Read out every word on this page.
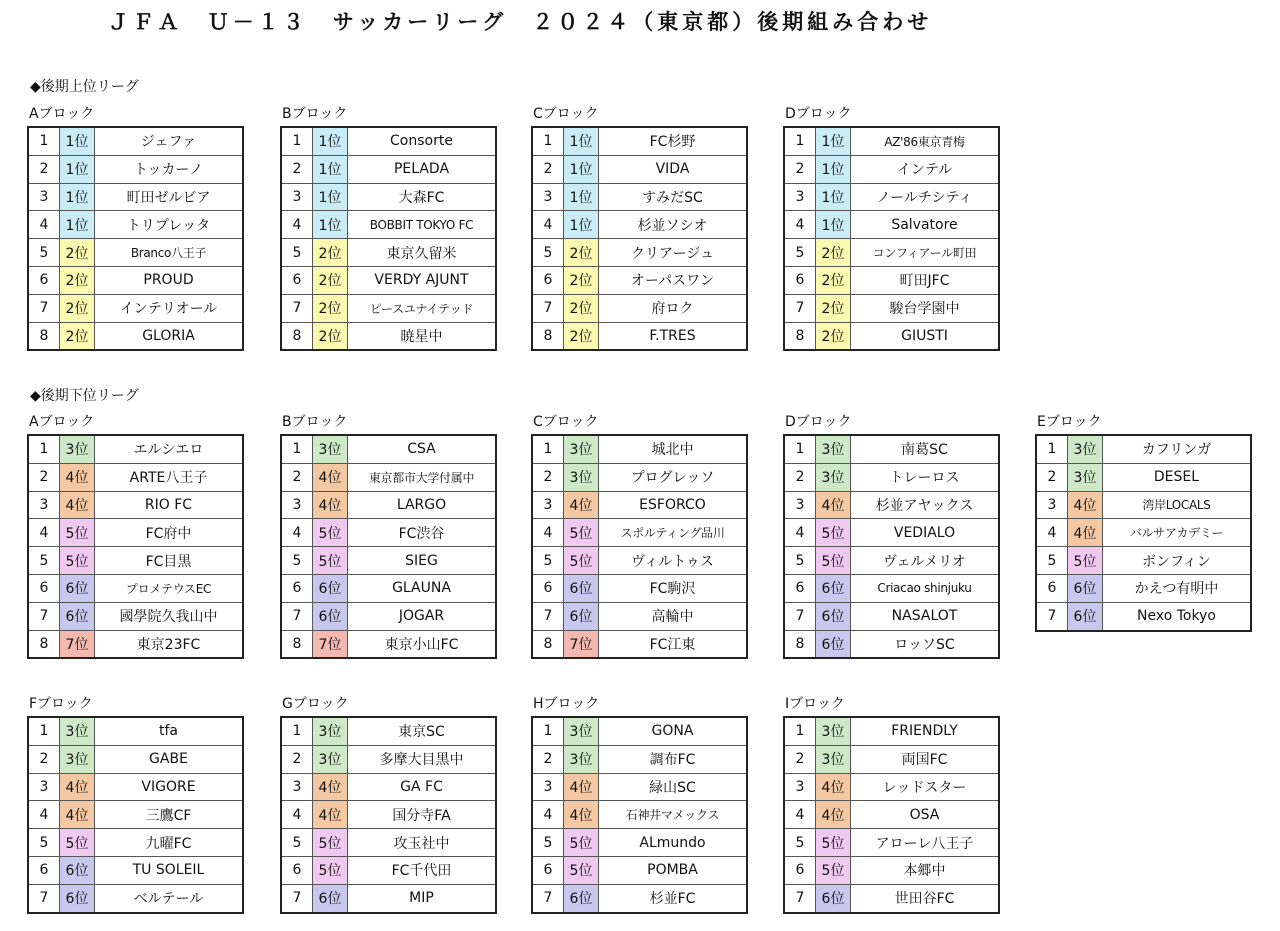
ＪＦＡ　Ｕ－１３　サッカーリーグ　２０２４（東京都）後期組み合わせ
◆後期上位リーグ
◆後期下位リーグ
Aブロック
1	1位	ジェファ
2	1位	トッカーノ
3	1位	町田ゼルビア
4	1位	トリプレッタ
5	2位	Branco八王子
6	2位	PROUD
7	2位	インテリオール
8	2位	GLORIA
Bブロック
1	1位	Consorte
2	1位	PELADA
3	1位	大森FC
4	1位	BOBBIT TOKYO FC
5	2位	東京久留米
6	2位	VERDY AJUNT
7	2位	ピースユナイテッド
8	2位	暁星中
Cブロック
1	1位	FC杉野
2	1位	VIDA
3	1位	すみだSC
4	1位	杉並ソシオ
5	2位	クリアージュ
6	2位	オーパスワン
7	2位	府ロク
8	2位	F.TRES
Dブロック
1	1位	AZ'86東京青梅
2	1位	インテル
3	1位	ノールチシティ
4	1位	Salvatore
5	2位	コンフィアール町田
6	2位	町田JFC
7	2位	駿台学園中
8	2位	GIUSTI
Aブロック
1	3位	エルシエロ
2	4位	ARTE八王子
3	4位	RIO FC
4	5位	FC府中
5	5位	FC目黒
6	6位	プロメテウスEC
7	6位	國學院久我山中
8	7位	東京23FC
Bブロック
1	3位	CSA
2	4位	東京都市大学付属中
3	4位	LARGO
4	5位	FC渋谷
5	5位	SIEG
6	6位	GLAUNA
7	6位	JOGAR
8	7位	東京小山FC
Cブロック
1	3位	城北中
2	3位	プログレッソ
3	4位	ESFORCO
4	5位	スポルティング品川
5	5位	ヴィルトゥス
6	6位	FC駒沢
7	6位	高輪中
8	7位	FC江東
Dブロック
1	3位	南葛SC
2	3位	トレーロス
3	4位	杉並アヤックス
4	5位	VEDIALO
5	5位	ヴェルメリオ
6	6位	Criacao shinjuku
7	6位	NASALOT
8	6位	ロッソSC
Eブロック
1	3位	カフリンガ
2	3位	DESEL
3	4位	湾岸LOCALS
4	4位	バルサアカデミー
5	5位	ボンフィン
6	6位	かえつ有明中
7	6位	Nexo Tokyo
Fブロック
1	3位	tfa
2	3位	GABE
3	4位	VIGORE
4	4位	三鷹CF
5	5位	九曜FC
6	6位	TU SOLEIL
7	6位	ベルテール
Gブロック
1	3位	東京SC
2	3位	多摩大目黒中
3	4位	GA FC
4	4位	国分寺FA
5	5位	攻玉社中
6	5位	FC千代田
7	6位	MIP
Hブロック
1	3位	GONA
2	3位	調布FC
3	4位	緑山SC
4	4位	石神井マメックス
5	5位	ALmundo
6	5位	POMBA
7	6位	杉並FC
Iブロック
1	3位	FRIENDLY
2	3位	両国FC
3	4位	レッドスター
4	4位	OSA
5	5位	アローレ八王子
6	5位	本郷中
7	6位	世田谷FC
